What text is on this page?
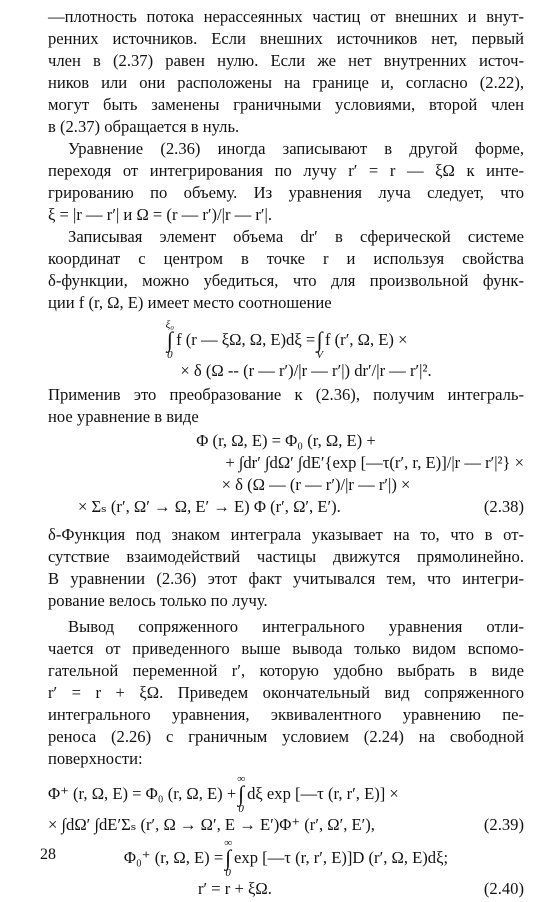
—плотность потока нерассеянных частиц от внешних и внут-
ренних источников. Если внешних источников нет, первый
член в (2.37) равен нулю. Если же нет внутренних источ-
ников или они расположены на границе и, согласно (2.22),
могут быть заменены граничными условиями, второй член
в (2.37) обращается в нуль.
Уравнение (2.36) иногда записывают в другой форме,
переходя от интегрирования по лучу r′ = r — ξΩ к инте-
грированию по объему. Из уравнения луча следует, что
ξ = |r — r′| и Ω = (r — r′)/|r — r′|.
Записывая элемент объема dr′ в сферической системе
координат с центром в точке r и используя свойства
δ-функции, можно убедиться, что для произвольной функ-
ции f (r, Ω, E) имеет место соотношение
ξ₀
∫
0
f (r — ξΩ, Ω, E)dξ =
∫
V
f (r′, Ω, E) ×
× δ (Ω -- (r — r′)/|r — r′|) dr′/|r — r′|².
Применив это преобразование к (2.36), получим интеграль-
ное уравнение в виде
Φ (r, Ω, E) = Φ₀ (r, Ω, E) +
+ ∫dr′ ∫dΩ′ ∫dE′{exp [—τ(r′, r, E)]/|r — r′|²} ×
× δ (Ω — (r — r′)/|r — r′|) ×
× Σₛ (r′, Ω′ → Ω, E′ → E) Φ (r′, Ω′, E′).	(2.38)
δ-Функция под знаком интеграла указывает на то, что в от-
сутствие взаимодействий частицы движутся прямолинейно.
В уравнении (2.36) этот факт учитывался тем, что интегри-
рование велось только по лучу.
Вывод сопряженного интегрального уравнения отли-
чается от приведенного выше вывода только видом вспомо-
гательной переменной r′, которую удобно выбрать в виде
r′ = r + ξΩ. Приведем окончательный вид сопряженного
интегрального уравнения, эквивалентного уравнению пе-
реноса (2.26) с граничным условием (2.24) на свободной
поверхности:
Φ⁺ (r, Ω, E) = Φ₀ (r, Ω, E) +
∞
∫
0
dξ exp [—τ (r, r′, E)] ×
× ∫dΩ′ ∫dE′Σₛ (r′, Ω → Ω′, E → E′)Φ⁺ (r′, Ω′, E′),	(2.39)
Φ₀⁺ (r, Ω, E) =
∞
∫
0
exp [—τ (r, r′, E)]D (r′, Ω, E)dξ;
r′ = r + ξΩ.	(2.40)
28
